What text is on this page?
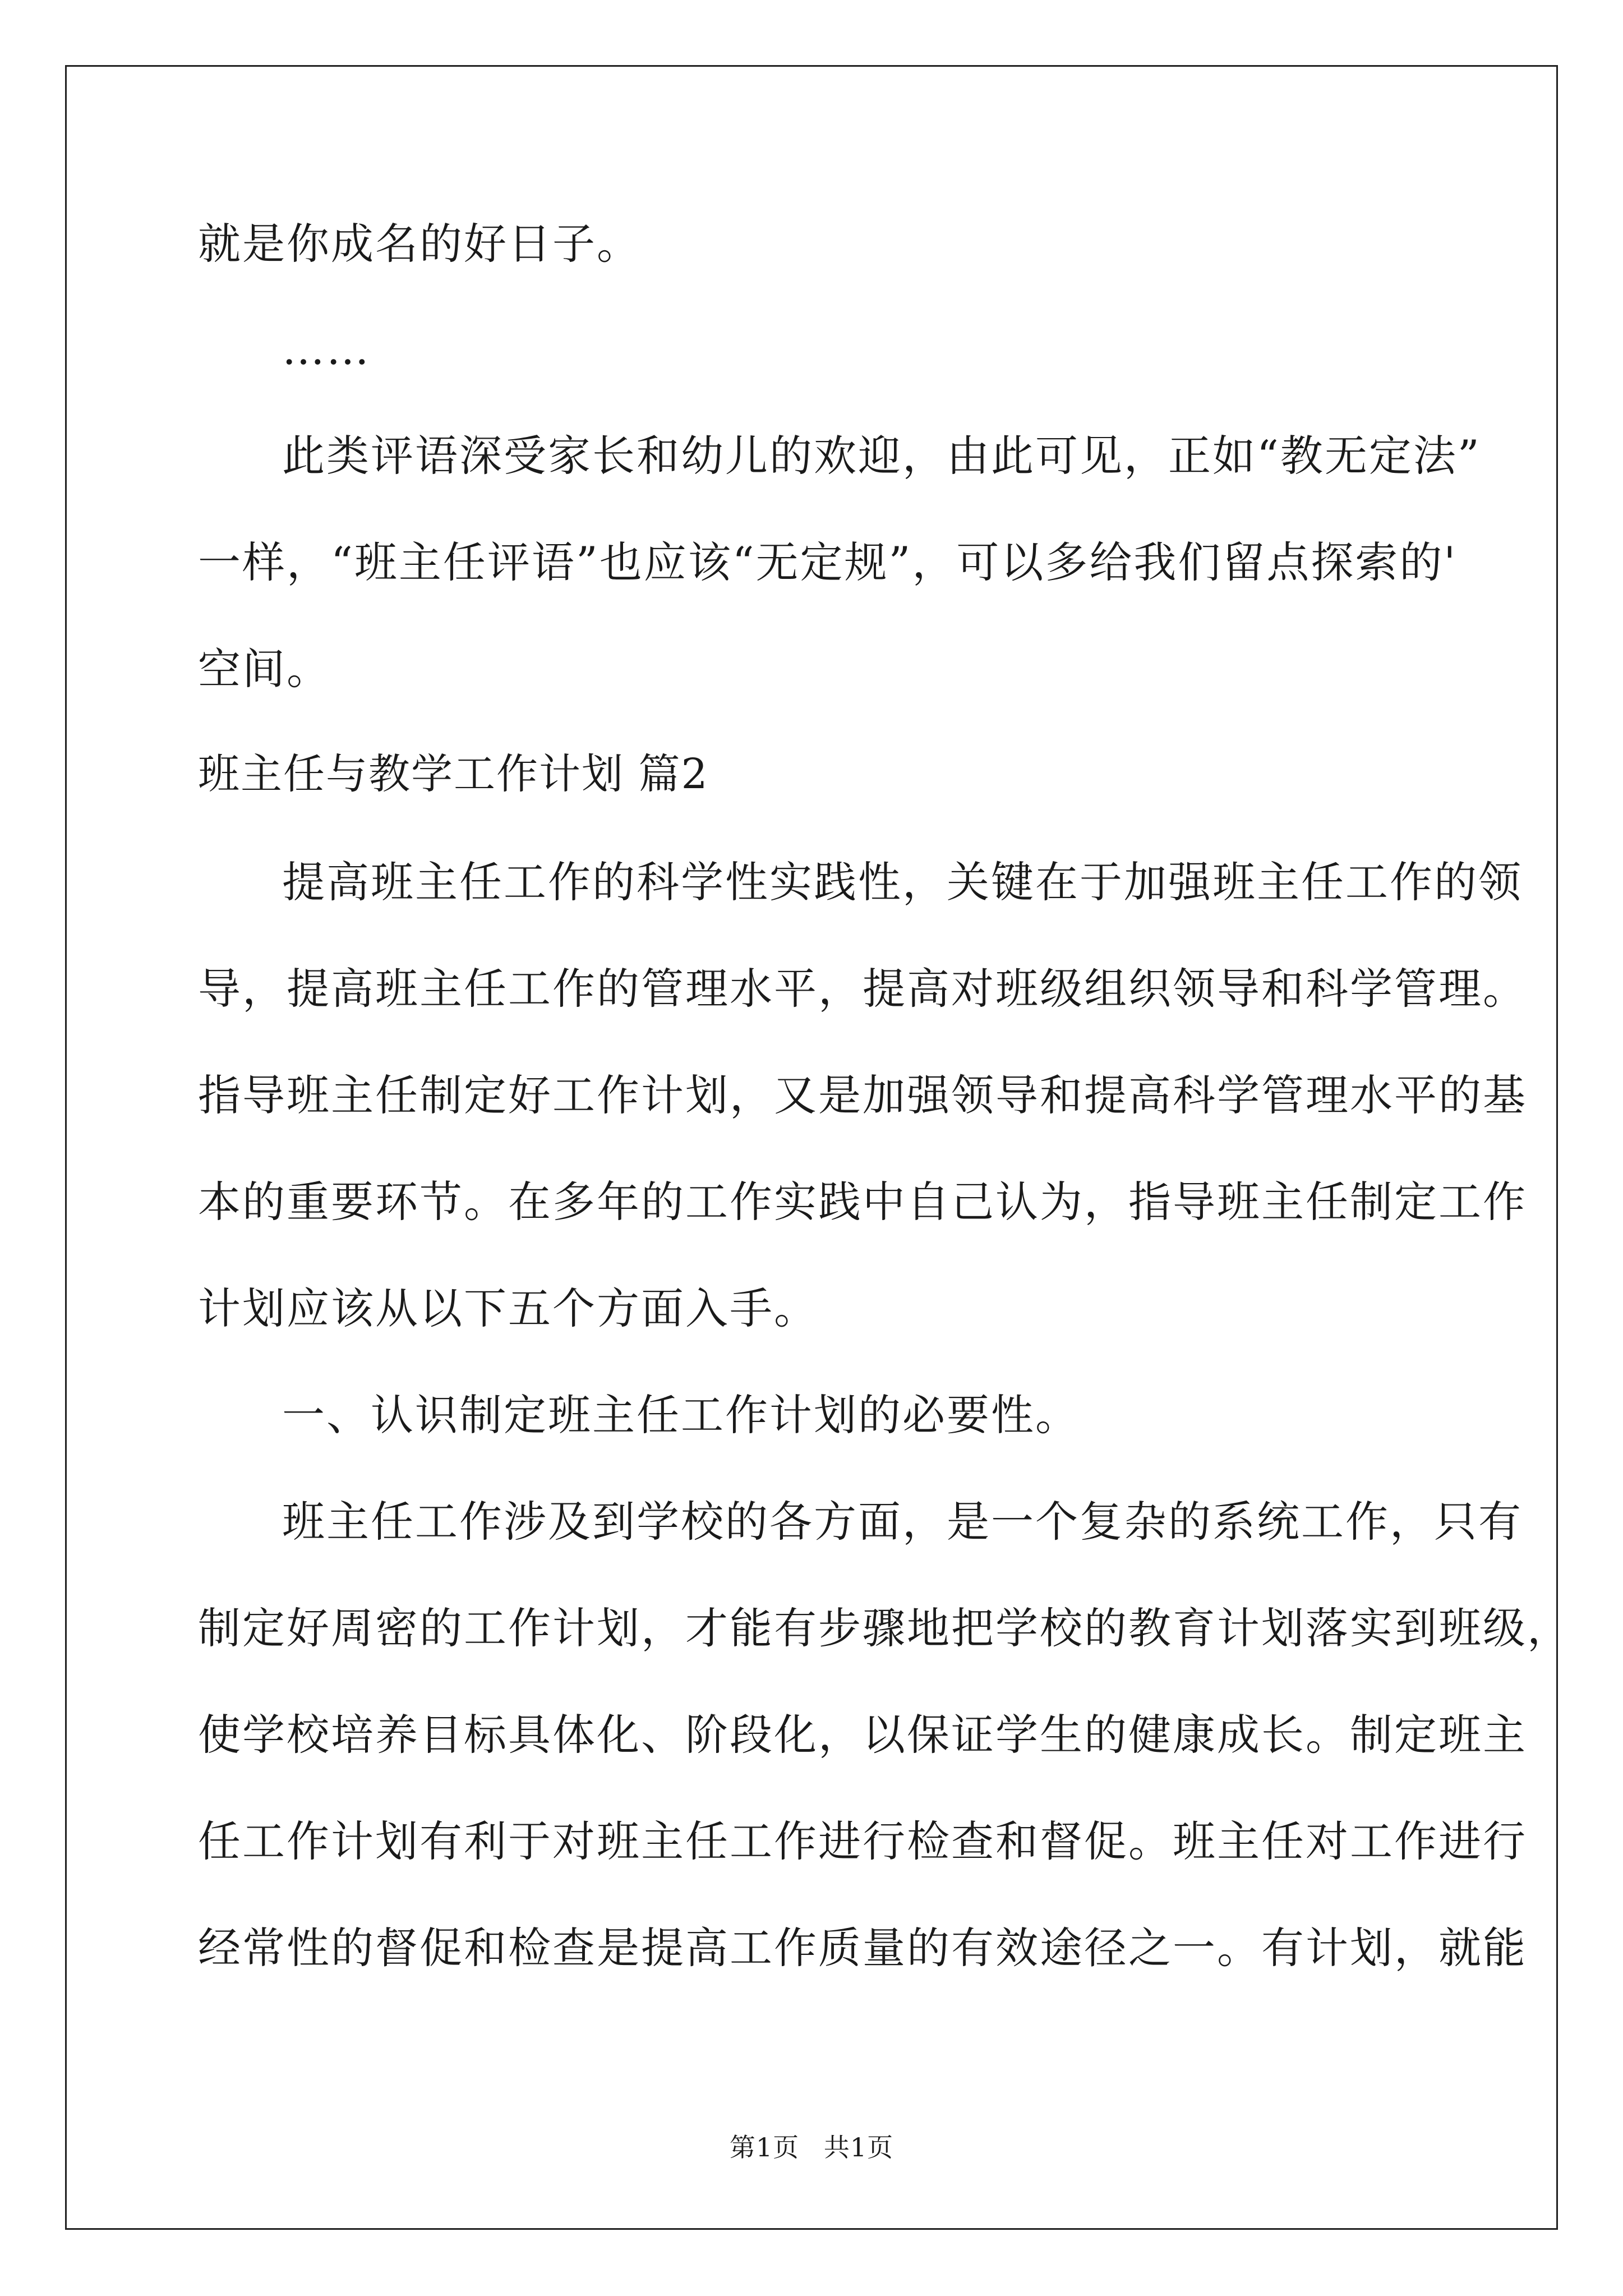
就是你成名的好日子。
……
此类评语深受家长和幼儿的欢迎，由此可见，正如“教无定法”
一样，“班主任评语”也应该“无定规”，可以多给我们留点探索的'
空间。
班主任与教学工作计划 篇2
提高班主任工作的科学性实践性，关键在于加强班主任工作的领
导，提高班主任工作的管理水平，提高对班级组织领导和科学管理。
指导班主任制定好工作计划，又是加强领导和提高科学管理水平的基
本的重要环节。在多年的工作实践中自己认为，指导班主任制定工作
计划应该从以下五个方面入手。
一、认识制定班主任工作计划的必要性。
班主任工作涉及到学校的各方面，是一个复杂的系统工作，只有
制定好周密的工作计划，才能有步骤地把学校的教育计划落实到班级，
使学校培养目标具体化、阶段化，以保证学生的健康成长。制定班主
任工作计划有利于对班主任工作进行检查和督促。班主任对工作进行
经常性的督促和检查是提高工作质量的有效途径之一。有计划，就能
第1页 共1页
